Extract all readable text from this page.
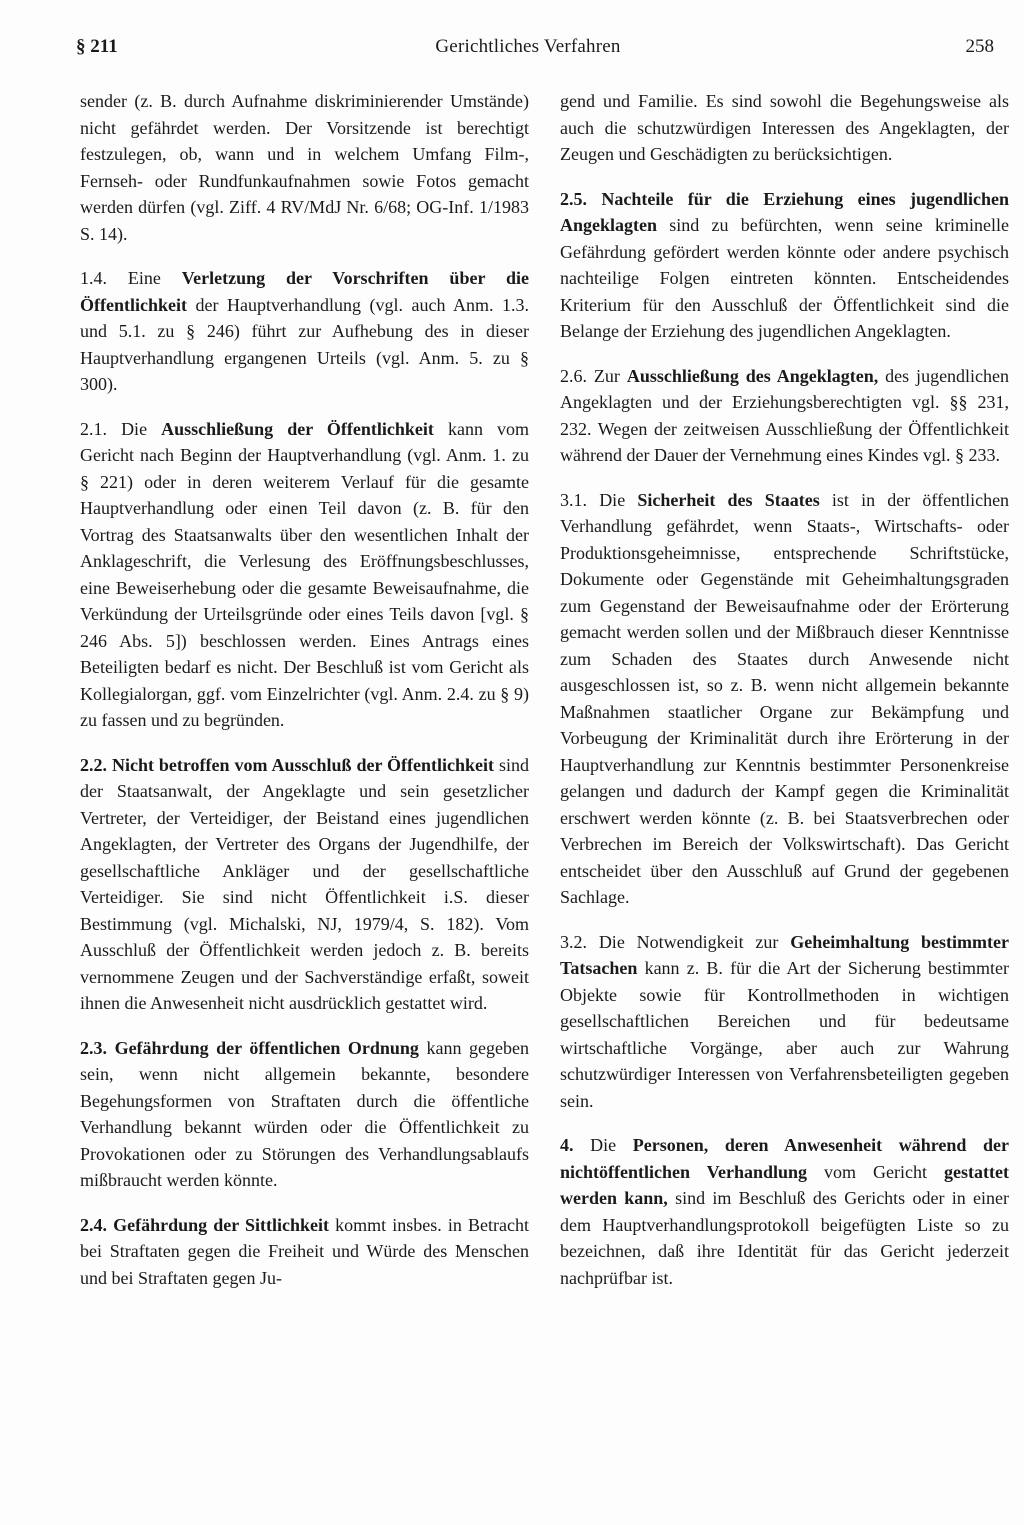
§ 211	Gerichtliches Verfahren	258

sender (z. B. durch Aufnahme diskriminierender Umstände) nicht gefährdet werden. Der Vorsitzende ist berechtigt festzulegen, ob, wann und in welchem Umfang Film-, Fernseh- oder Rundfunkaufnahmen sowie Fotos gemacht werden dürfen (vgl. Ziff. 4 RV/MdJ Nr. 6/68; OG-Inf. 1/1983 S. 14).

1.4. Eine Verletzung der Vorschriften über die Öffentlichkeit der Hauptverhandlung (vgl. auch Anm. 1.3. und 5.1. zu § 246) führt zur Aufhebung des in dieser Hauptverhandlung ergangenen Urteils (vgl. Anm. 5. zu § 300).

2.1. Die Ausschließung der Öffentlichkeit kann vom Gericht nach Beginn der Hauptverhandlung (vgl. Anm. 1. zu § 221) oder in deren weiterem Verlauf für die gesamte Hauptverhandlung oder einen Teil davon (z. B. für den Vortrag des Staatsanwalts über den wesentlichen Inhalt der Anklageschrift, die Verlesung des Eröffnungsbeschlusses, eine Beweiserhebung oder die gesamte Beweisaufnahme, die Verkündung der Urteilsgründe oder eines Teils davon [vgl. § 246 Abs. 5]) beschlossen werden. Eines Antrags eines Beteiligten bedarf es nicht. Der Beschluß ist vom Gericht als Kollegialorgan, ggf. vom Einzelrichter (vgl. Anm. 2.4. zu § 9) zu fassen und zu begründen.

2.2. Nicht betroffen vom Ausschluß der Öffentlichkeit sind der Staatsanwalt, der Angeklagte und sein gesetzlicher Vertreter, der Verteidiger, der Beistand eines jugendlichen Angeklagten, der Vertreter des Organs der Jugendhilfe, der gesellschaftliche Ankläger und der gesellschaftliche Verteidiger. Sie sind nicht Öffentlichkeit i.S. dieser Bestimmung (vgl. Michalski, NJ, 1979/4, S. 182). Vom Ausschluß der Öffentlichkeit werden jedoch z. B. bereits vernommene Zeugen und der Sachverständige erfaßt, soweit ihnen die Anwesenheit nicht ausdrücklich gestattet wird.

2.3. Gefährdung der öffentlichen Ordnung kann gegeben sein, wenn nicht allgemein bekannte, besondere Begehungsformen von Straftaten durch die öffentliche Verhandlung bekannt würden oder die Öffentlichkeit zu Provokationen oder zu Störungen des Verhandlungsablaufs mißbraucht werden könnte.

2.4. Gefährdung der Sittlichkeit kommt insbes. in Betracht bei Straftaten gegen die Freiheit und Würde des Menschen und bei Straftaten gegen Ju-

gend und Familie. Es sind sowohl die Begehungsweise als auch die schutzwürdigen Interessen des Angeklagten, der Zeugen und Geschädigten zu berücksichtigen.

2.5. Nachteile für die Erziehung eines jugendlichen Angeklagten sind zu befürchten, wenn seine kriminelle Gefährdung gefördert werden könnte oder andere psychisch nachteilige Folgen eintreten könnten. Entscheidendes Kriterium für den Ausschluß der Öffentlichkeit sind die Belange der Erziehung des jugendlichen Angeklagten.

2.6. Zur Ausschließung des Angeklagten, des jugendlichen Angeklagten und der Erziehungsberechtigten vgl. §§ 231, 232. Wegen der zeitweisen Ausschließung der Öffentlichkeit während der Dauer der Vernehmung eines Kindes vgl. § 233.

3.1. Die Sicherheit des Staates ist in der öffentlichen Verhandlung gefährdet, wenn Staats-, Wirtschafts- oder Produktionsgeheimnisse, entsprechende Schriftstücke, Dokumente oder Gegenstände mit Geheimhaltungsgraden zum Gegenstand der Beweisaufnahme oder der Erörterung gemacht werden sollen und der Mißbrauch dieser Kenntnisse zum Schaden des Staates durch Anwesende nicht ausgeschlossen ist, so z. B. wenn nicht allgemein bekannte Maßnahmen staatlicher Organe zur Bekämpfung und Vorbeugung der Kriminalität durch ihre Erörterung in der Hauptverhandlung zur Kenntnis bestimmter Personenkreise gelangen und dadurch der Kampf gegen die Kriminalität erschwert werden könnte (z. B. bei Staatsverbrechen oder Verbrechen im Bereich der Volkswirtschaft). Das Gericht entscheidet über den Ausschluß auf Grund der gegebenen Sachlage.

3.2. Die Notwendigkeit zur Geheimhaltung bestimmter Tatsachen kann z. B. für die Art der Sicherung bestimmter Objekte sowie für Kontrollmethoden in wichtigen gesellschaftlichen Bereichen und für bedeutsame wirtschaftliche Vorgänge, aber auch zur Wahrung schutzwürdiger Interessen von Verfahrensbeteiligten gegeben sein.

4. Die Personen, deren Anwesenheit während der nichtöffentlichen Verhandlung vom Gericht gestattet werden kann, sind im Beschluß des Gerichts oder in einer dem Hauptverhandlungsprotokoll beigefügten Liste so zu bezeichnen, daß ihre Identität für das Gericht jederzeit nachprüfbar ist.
